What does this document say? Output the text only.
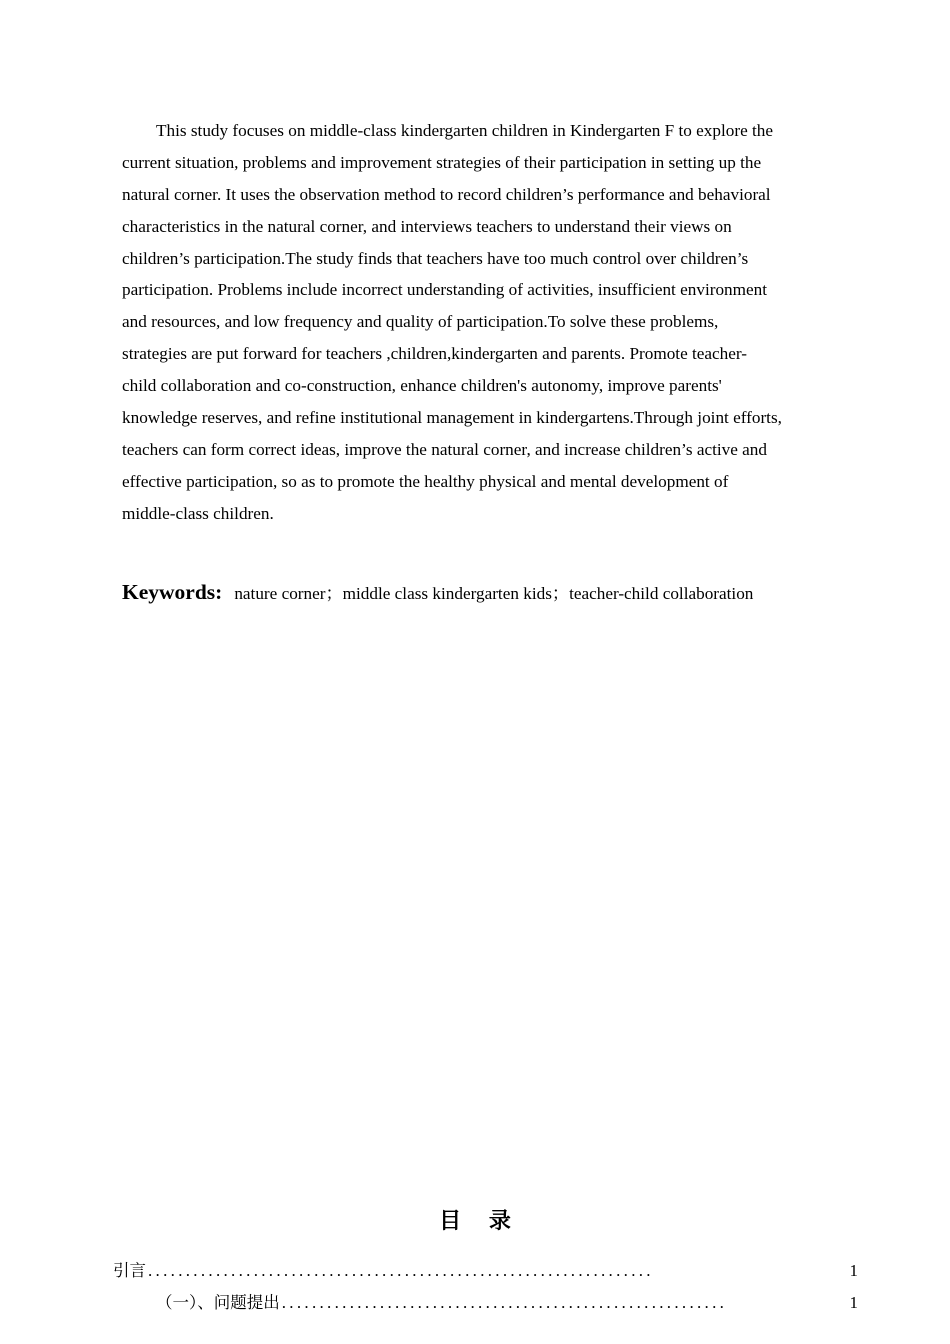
This study focuses on middle-class kindergarten children in Kindergarten F to explore the
current situation, problems and improvement strategies of their participation in setting up the
natural corner. It uses the observation method to record children’s performance and behavioral
characteristics in the natural corner, and interviews teachers to understand their views on
children’s participation.The study finds that teachers have too much control over children’s
participation. Problems include incorrect understanding of activities, insufficient environment
and resources, and low frequency and quality of participation.To solve these problems,
strategies are put forward for teachers ,children,kindergarten and parents. Promote teacher-
child collaboration and co-construction, enhance children's autonomy, improve parents'
knowledge reserves, and refine institutional management in kindergartens.Through joint efforts,
teachers can form correct ideas, improve the natural corner, and increase children’s active and
effective participation, so as to promote the healthy physical and mental development of
middle-class children.
Keywords: nature corner；middle class kindergarten kids；teacher-child collaboration
目 录
引言 ...................................................................	1
（一）、问题提出 ...........................................................	1
